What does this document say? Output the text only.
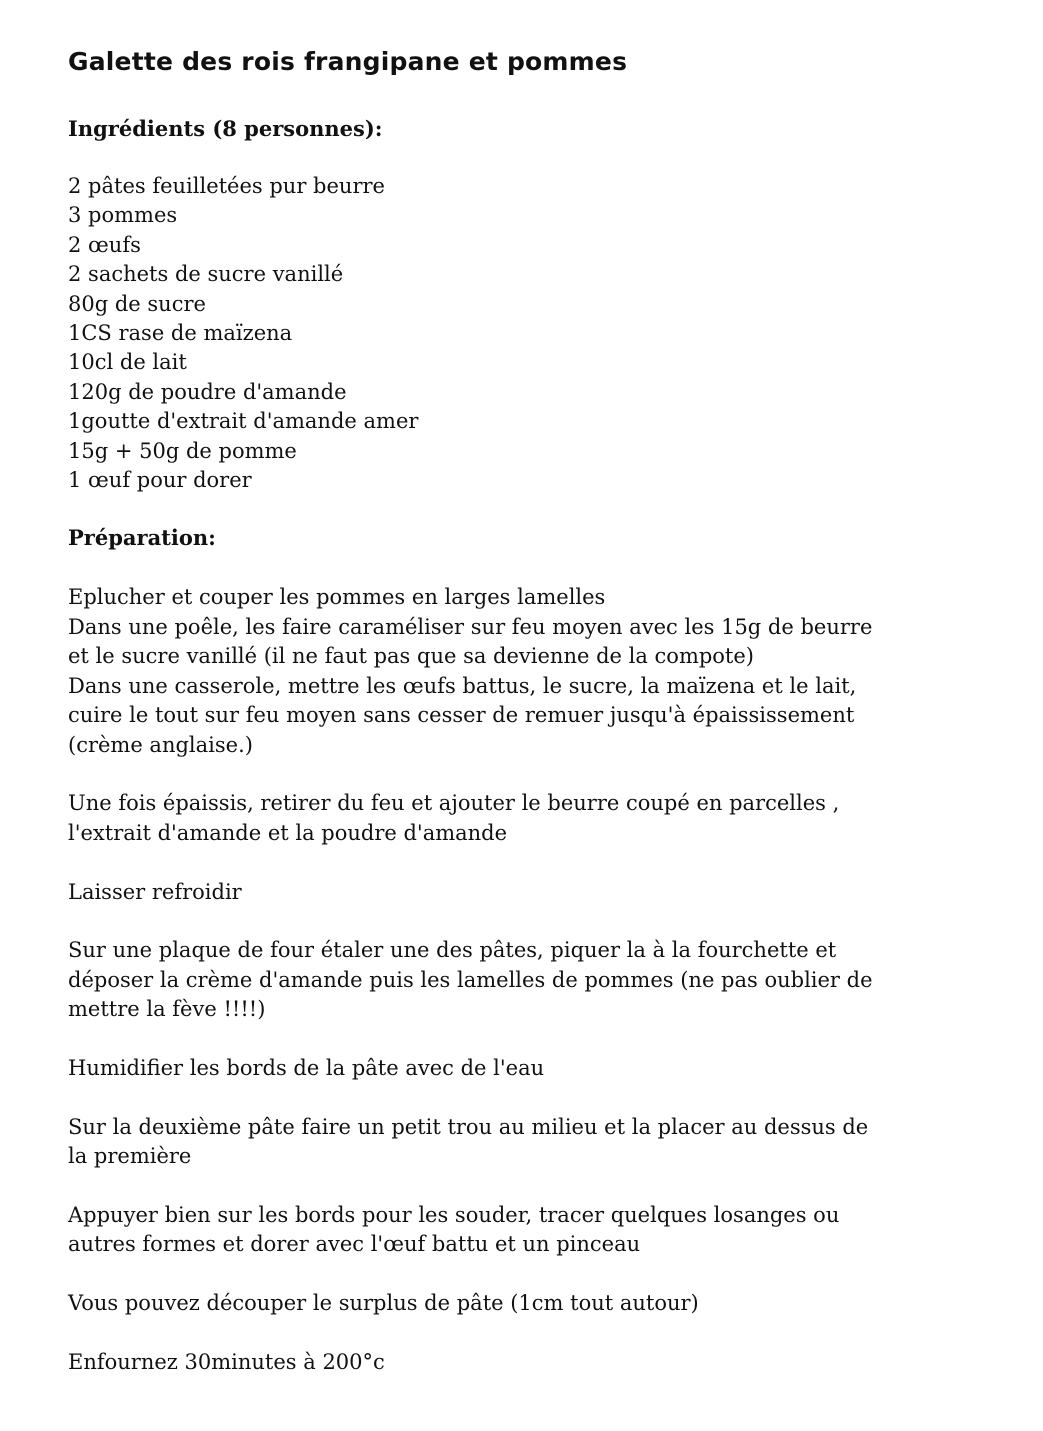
Galette des rois frangipane et pommes
Ingrédients (8 personnes):
2 pâtes feuilletées pur beurre
3 pommes
2 œufs
2 sachets de sucre vanillé
80g de sucre
1CS rase de maïzena
10cl de lait
120g de poudre d'amande
1goutte d'extrait d'amande amer
15g + 50g de pomme
1 œuf pour dorer
Préparation:
Eplucher et couper les pommes en larges lamelles
Dans une poêle, les faire caraméliser sur feu moyen avec les 15g de beurre
et le sucre vanillé (il ne faut pas que sa devienne de la compote)
Dans une casserole, mettre les œufs battus, le sucre, la maïzena et le lait,
cuire le tout sur feu moyen sans cesser de remuer jusqu'à épaississement
(crème anglaise.)
Une fois épaissis, retirer du feu et ajouter le beurre coupé en parcelles ,
l'extrait d'amande et la poudre d'amande
Laisser refroidir
Sur une plaque de four étaler une des pâtes, piquer la à la fourchette et
déposer la crème d'amande puis les lamelles de pommes (ne pas oublier de
mettre la fève !!!!)
Humidifier les bords de la pâte avec de l'eau
Sur la deuxième pâte faire un petit trou au milieu et la placer au dessus de
la première
Appuyer bien sur les bords pour les souder, tracer quelques losanges ou
autres formes et dorer avec l'œuf battu et un pinceau
Vous pouvez découper le surplus de pâte (1cm tout autour)
Enfournez 30minutes à 200°c
